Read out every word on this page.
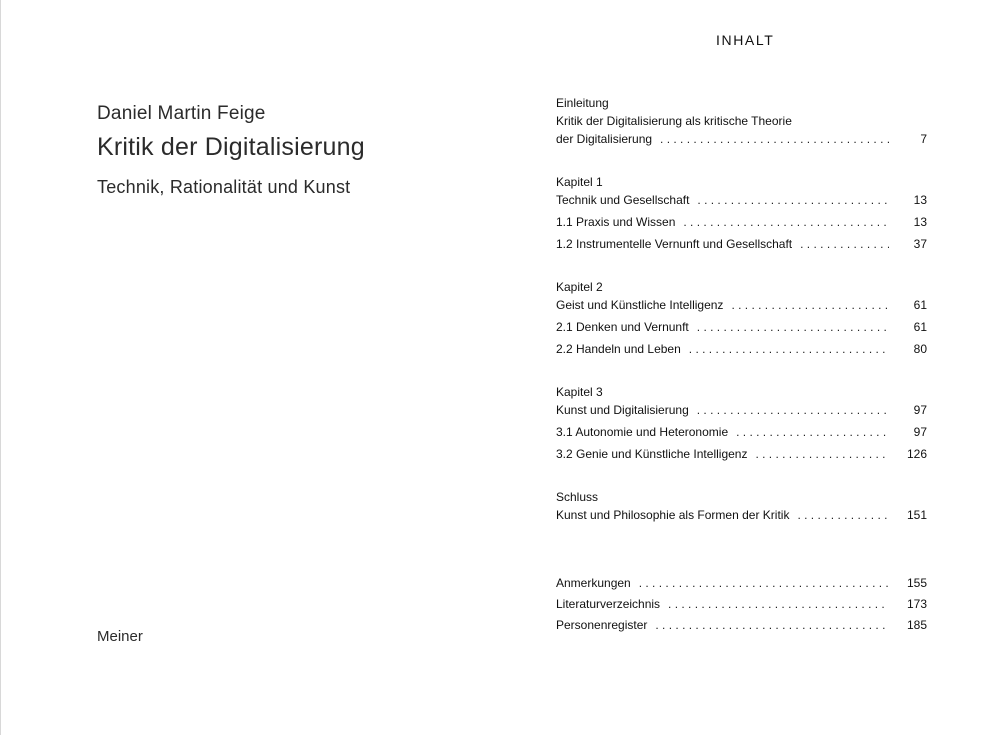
Daniel Martin Feige
Kritik der Digitalisierung
Technik, Rationalität und Kunst
Meiner
INHALT
Einleitung
Kritik der Digitalisierung als kritische Theorie
der Digitalisierung . . .	7
Kapitel 1
Technik und Gesellschaft . . .	13
1.1 Praxis und Wissen . . .	13
1.2 Instrumentelle Vernunft und Gesellschaft . . .	37
Kapitel 2
Geist und Künstliche Intelligenz . . .	61
2.1 Denken und Vernunft . . .	61
2.2 Handeln und Leben . . .	80
Kapitel 3
Kunst und Digitalisierung . . .	97
3.1 Autonomie und Heteronomie . . .	97
3.2 Genie und Künstliche Intelligenz . . .	126
Schluss
Kunst und Philosophie als Formen der Kritik . . .	151
Anmerkungen . . .	155
Literaturverzeichnis . . .	173
Personenregister . . .	185
